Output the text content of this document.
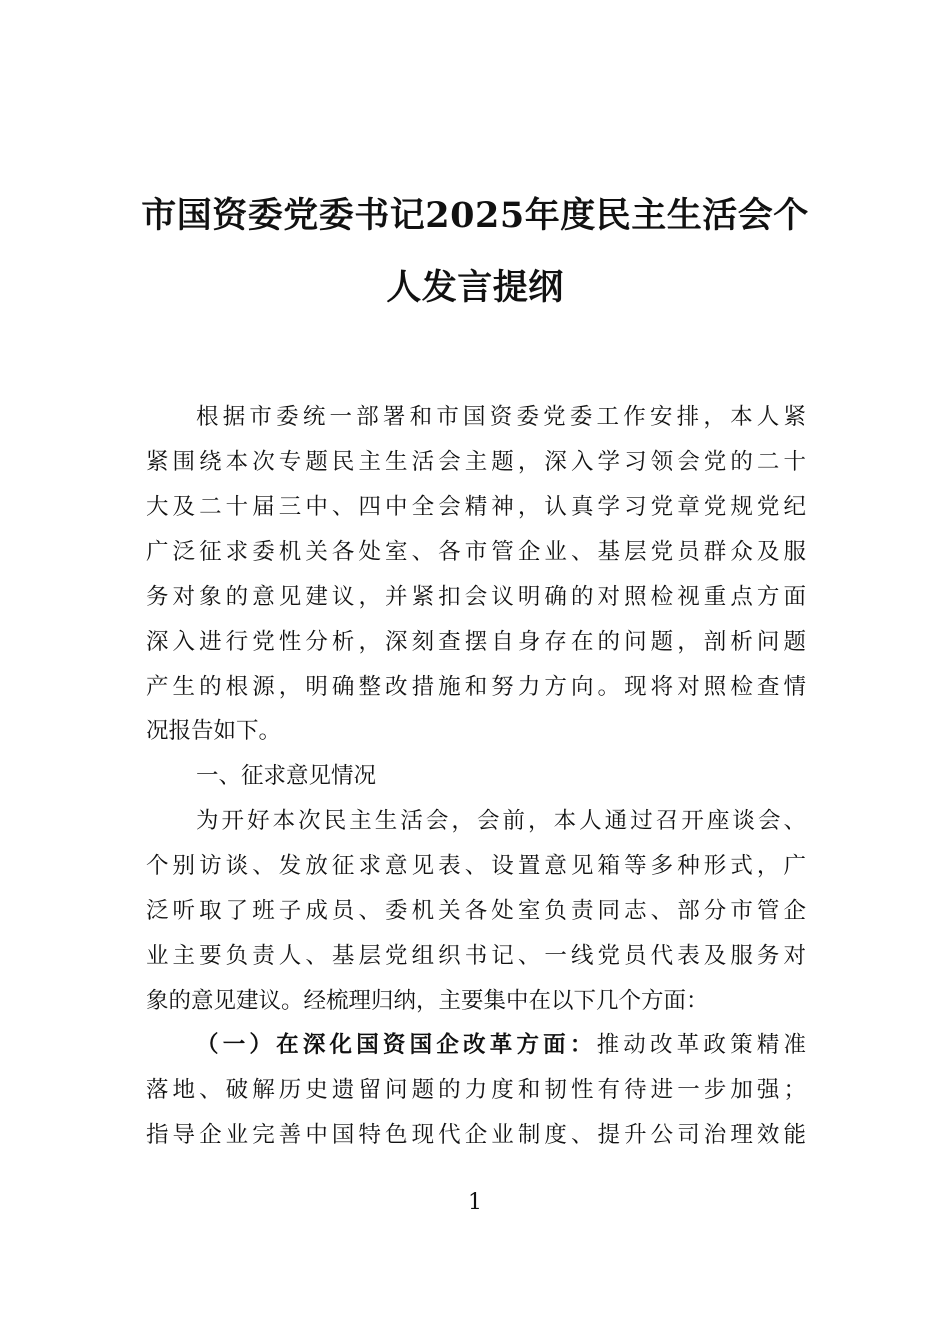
市国资委党委书记2025年度民主生活会个
人发言提纲
根据市委统一部署和市国资委党委工作安排，本人紧
紧围绕本次专题民主生活会主题，深入学习领会党的二十
大及二十届三中、四中全会精神，认真学习党章党规党纪
广泛征求委机关各处室、各市管企业、基层党员群众及服
务对象的意见建议，并紧扣会议明确的对照检视重点方面
深入进行党性分析，深刻查摆自身存在的问题，剖析问题
产生的根源，明确整改措施和努力方向。现将对照检查情
况报告如下。
一、征求意见情况
为开好本次民主生活会，会前，本人通过召开座谈会、
个别访谈、发放征求意见表、设置意见箱等多种形式，广
泛听取了班子成员、委机关各处室负责同志、部分市管企
业主要负责人、基层党组织书记、一线党员代表及服务对
象的意见建议。经梳理归纳，主要集中在以下几个方面：
（一）在深化国资国企改革方面：推动改革政策精准
落地、破解历史遗留问题的力度和韧性有待进一步加强；
指导企业完善中国特色现代企业制度、提升公司治理效能
1
